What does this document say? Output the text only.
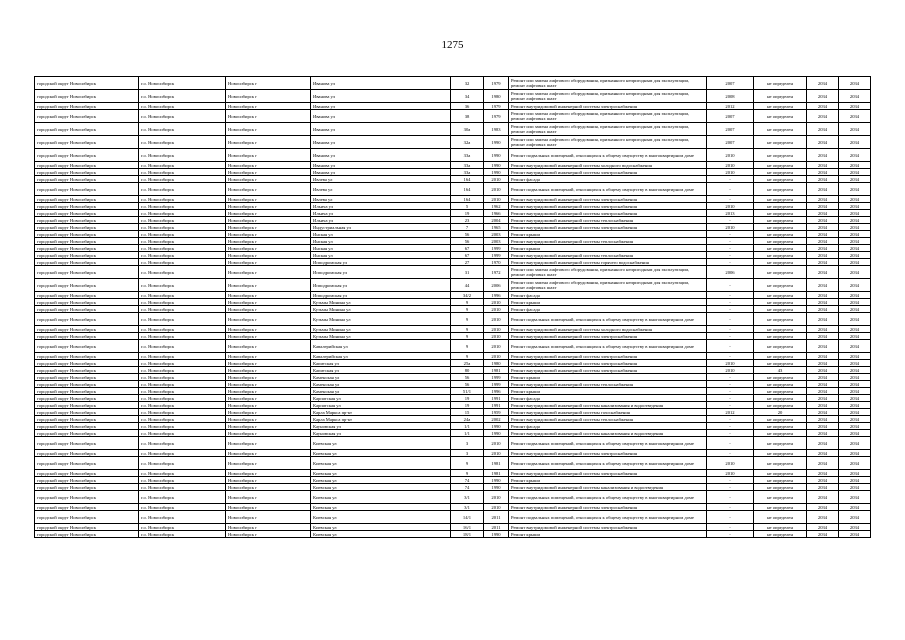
1275
городской округ Новосибирск	г.о. Новосибирск	Новосибирск г	Иванова ул	32	1979	Ремонт или замена лифтового оборудования, признанного непригодным для эксплуатации, ремонт лифтовых шахт	2007	не определен	2034	2034
городской округ Новосибирск	г.о. Новосибирск	Новосибирск г	Иванова ул	34	1980	Ремонт или замена лифтового оборудования, признанного непригодным для эксплуатации, ремонт лифтовых шахт	2008	не определен	2034	2034
городской округ Новосибирск	г.о. Новосибирск	Новосибирск г	Иванова ул	36	1979	Ремонт внутридомовой инженерной системы электроснабжения	2012	не определен	2034	2034
городской округ Новосибирск	г.о. Новосибирск	Новосибирск г	Иванова ул	38	1979	Ремонт или замена лифтового оборудования, признанного непригодным для эксплуатации, ремонт лифтовых шахт	2007	не определен	2034	2034
городской округ Новосибирск	г.о. Новосибирск	Новосибирск г	Иванова ул	30а	1983	Ремонт или замена лифтового оборудования, признанного непригодным для эксплуатации, ремонт лифтовых шахт	2007	не определен	2034	2034
городской округ Новосибирск	г.о. Новосибирск	Новосибирск г	Иванова ул	32а	1990	Ремонт или замена лифтового оборудования, признанного непригодным для эксплуатации, ремонт лифтовых шахт	2007	не определен	2034	2034
городской округ Новосибирск	г.о. Новосибирск	Новосибирск г	Иванова ул	33а	1990	Ремонт подвальных помещений, относящихся к общему имуществу в многоквартирном доме	2010	не определен	2034	2034
городской округ Новосибирск	г.о. Новосибирск	Новосибирск г	Иванова ул	33а	1990	Ремонт внутридомовой инженерной системы холодного водоснабжения	2010	не определен	2034	2034
городской округ Новосибирск	г.о. Новосибирск	Новосибирск г	Иванова ул	33а	1990	Ремонт внутридомовой инженерной системы электроснабжения	2010	не определен	2034	2034
городской округ Новосибирск	г.о. Новосибирск	Новосибирск г	Ивлева ул	164	2010	Ремонт фасада	-	не определен	2034	2034
городской округ Новосибирск	г.о. Новосибирск	Новосибирск г	Ивлева ул	164	2010	Ремонт подвальных помещений, относящихся к общему имуществу в многоквартирном доме	-	не определен	2034	2034
городской округ Новосибирск	г.о. Новосибирск	Новосибирск г	Ивлева ул	164	2010	Ремонт внутридомовой инженерной системы электроснабжения	-	не определен	2034	2034
городской округ Новосибирск	г.о. Новосибирск	Новосибирск г	Ильича ул	5	1962	Ремонт внутридомовой инженерной системы электроснабжения	2010	не определен	2034	2034
городской округ Новосибирск	г.о. Новосибирск	Новосибирск г	Ильича ул	19	1966	Ремонт внутридомовой инженерной системы электроснабжения	2013	не определен	2034	2034
городской округ Новосибирск	г.о. Новосибирск	Новосибирск г	Ильича ул	23	2004	Ремонт внутридомовой инженерной системы теплоснабжения	-	не определен	2034	2034
городской округ Новосибирск	г.о. Новосибирск	Новосибирск г	Индустриальная ул	7	1965	Ремонт внутридомовой инженерной системы электроснабжения	2010	не определен	2034	2034
городской округ Новосибирск	г.о. Новосибирск	Новосибирск г	Инская ул	56	2003	Ремонт крыши	-	не определен	2034	2034
городской округ Новосибирск	г.о. Новосибирск	Новосибирск г	Инская ул	56	2003	Ремонт внутридомовой инженерной системы теплоснабжения	-	не определен	2034	2034
городской округ Новосибирск	г.о. Новосибирск	Новосибирск г	Инская ул	67	1999	Ремонт крыши	-	не определен	2034	2034
городской округ Новосибирск	г.о. Новосибирск	Новосибирск г	Инская ул	67	1999	Ремонт внутридомовой инженерной системы теплоснабжения	-	не определен	2034	2034
городской округ Новосибирск	г.о. Новосибирск	Новосибирск г	Ипподромская ул	27	1970	Ремонт внутридомовой инженерной системы горячего водоснабжения	-	не определен	2034	2034
городской округ Новосибирск	г.о. Новосибирск	Новосибирск г	Ипподромская ул	31	1972	Ремонт или замена лифтового оборудования, признанного непригодным для эксплуатации, ремонт лифтовых шахт	2006	не определен	2034	2034
городской округ Новосибирск	г.о. Новосибирск	Новосибирск г	Ипподромская ул	44	2006	Ремонт или замена лифтового оборудования, признанного непригодным для эксплуатации, ремонт лифтовых шахт	-	не определен	2034	2034
городской округ Новосибирск	г.о. Новосибирск	Новосибирск г	Ипподромская ул	34/2	1996	Ремонт фасада	-	не определен	2034	2034
городской округ Новосибирск	г.о. Новосибирск	Новосибирск г	Кузьмы Минина ул	9	2010	Ремонт крыши	-	не определен	2034	2034
городской округ Новосибирск	г.о. Новосибирск	Новосибирск г	Кузьмы Минина ул	9	2010	Ремонт фасада	-	не определен	2034	2034
городской округ Новосибирск	г.о. Новосибирск	Новосибирск г	Кузьмы Минина ул	9	2010	Ремонт подвальных помещений, относящихся к общему имуществу в многоквартирном доме	-	не определен	2034	2034
городской округ Новосибирск	г.о. Новосибирск	Новосибирск г	Кузьмы Минина ул	9	2010	Ремонт внутридомовой инженерной системы холодного водоснабжения	-	не определен	2034	2034
городской округ Новосибирск	г.о. Новосибирск	Новосибирск г	Кузьмы Минина ул	9	2010	Ремонт внутридомовой инженерной системы электроснабжения	-	не определен	2034	2034
городской округ Новосибирск	г.о. Новосибирск	Новосибирск г	Кавалерийская ул	9	2010	Ремонт подвальных помещений, относящихся к общему имуществу в многоквартирном доме	-	не определен	2034	2034
городской округ Новосибирск	г.о. Новосибирск	Новосибирск г	Кавалерийская ул	9	2010	Ремонт внутридомовой инженерной системы электроснабжения	-	не определен	2034	2034
городской округ Новосибирск	г.о. Новосибирск	Новосибирск г	Капитская ул	25а	1980	Ремонт внутридомовой инженерной системы электроснабжения	2010	не определен	2034	2034
городской округ Новосибирск	г.о. Новосибирск	Новосибирск г	Капитская ул	80	1981	Ремонт внутридомовой инженерной системы электроснабжения	2010	43	2034	2034
городской округ Новосибирск	г.о. Новосибирск	Новосибирск г	Каменская ул	56	1999	Ремонт крыши	-	не определен	2034	2034
городской округ Новосибирск	г.о. Новосибирск	Новосибирск г	Каменская ул	56	1999	Ремонт внутридомовой инженерной системы теплоснабжения	-	не определен	2034	2034
городской округ Новосибирск	г.о. Новосибирск	Новосибирск г	Каменская ул	51/1	1996	Ремонт крыши	-	не определен	2034	2034
городской округ Новосибирск	г.о. Новосибирск	Новосибирск г	Карпатская ул	19	1991	Ремонт фасада	-	не определен	2034	2034
городской округ Новосибирск	г.о. Новосибирск	Новосибирск г	Карпатская ул	19	1991	Ремонт внутридомовой инженерной системы канализования и водоотведения	-	не определен	2034	2034
городской округ Новосибирск	г.о. Новосибирск	Новосибирск г	Карла Маркса пр-кт	15	1959	Ремонт внутридомовой инженерной системы газоснабжения	2012	20	2034	2034
городской округ Новосибирск	г.о. Новосибирск	Новосибирск г	Карла Маркса пр-кт	24а	2002	Ремонт внутридомовой инженерной системы теплоснабжения	-	не определен	2034	2034
городской округ Новосибирск	г.о. Новосибирск	Новосибирск г	Кауновская ул	1/1	1990	Ремонт фасада	-	не определен	2034	2034
городской округ Новосибирск	г.о. Новосибирск	Новосибирск г	Кауновская ул	1/1	1990	Ремонт внутридомовой инженерной системы канализования и водоотведения	-	не определен	2034	2034
городской округ Новосибирск	г.о. Новосибирск	Новосибирск г	Киевская ул	3	2010	Ремонт подвальных помещений, относящихся к общему имуществу в многоквартирном доме	-	не определен	2034	2034
городской округ Новосибирск	г.о. Новосибирск	Новосибирск г	Киевская ул	3	2010	Ремонт внутридомовой инженерной системы электроснабжения	-	не определен	2034	2034
городской округ Новосибирск	г.о. Новосибирск	Новосибирск г	Киевская ул	9	1981	Ремонт подвальных помещений, относящихся к общему имуществу в многоквартирном доме	2010	не определен	2034	2034
городской округ Новосибирск	г.о. Новосибирск	Новосибирск г	Киевская ул	9	1981	Ремонт внутридомовой инженерной системы электроснабжения	2010	не определен	2034	2034
городской округ Новосибирск	г.о. Новосибирск	Новосибирск г	Киевская ул	74	1990	Ремонт крыши	-	не определен	2034	2034
городской округ Новосибирск	г.о. Новосибирск	Новосибирск г	Киевская ул	74	1990	Ремонт внутридомовой инженерной системы канализования и водоотведения	-	не определен	2034	2034
городской округ Новосибирск	г.о. Новосибирск	Новосибирск г	Киевская ул	3/1	2010	Ремонт подвальных помещений, относящихся к общему имуществу в многоквартирном доме	-	не определен	2034	2034
городской округ Новосибирск	г.о. Новосибирск	Новосибирск г	Киевская ул	3/1	2010	Ремонт внутридомовой инженерной системы электроснабжения	-	не определен	2034	2034
городской округ Новосибирск	г.о. Новосибирск	Новосибирск г	Киевская ул	14/1	2011	Ремонт подвальных помещений, относящихся к общему имуществу в многоквартирном доме	-	не определен	2034	2034
городской округ Новосибирск	г.о. Новосибирск	Новосибирск г	Киевская ул	16/1	2011	Ремонт внутридомовой инженерной системы электроснабжения	-	не определен	2034	2034
городской округ Новосибирск	г.о. Новосибирск	Новосибирск г	Киевская ул	18/1	1990	Ремонт крыши	-	не определен	2034	2034
